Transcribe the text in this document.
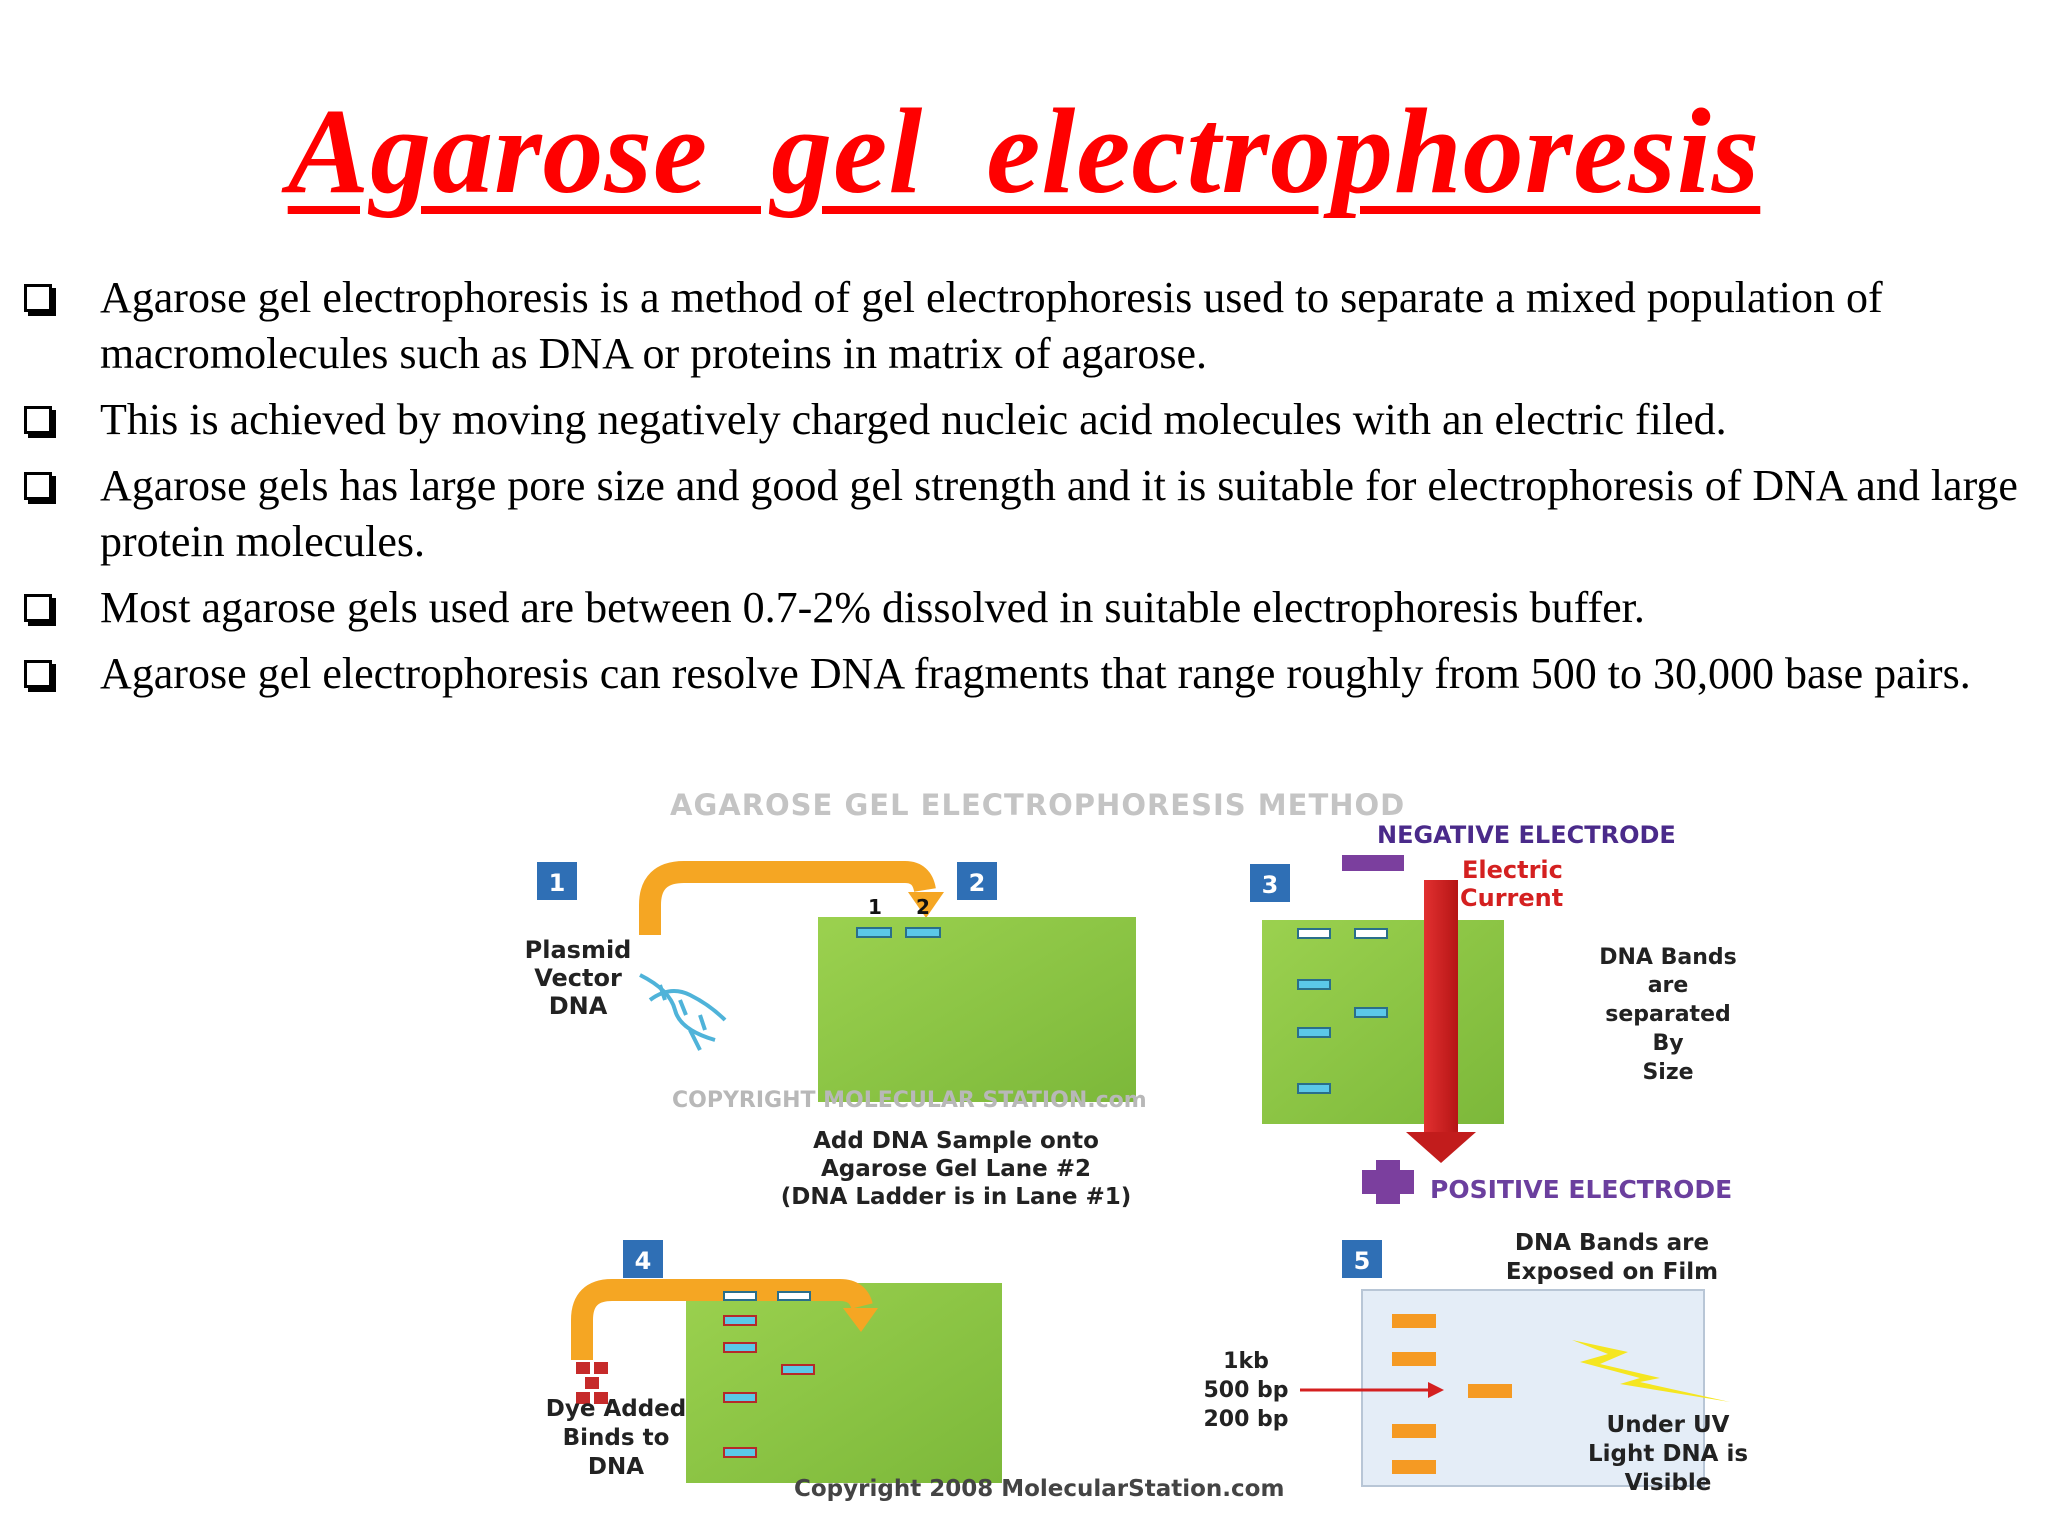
Agarose  gel  electrophoresis
Agarose gel electrophoresis is a method of gel electrophoresis used to separate a mixed population of macromolecules such as DNA or proteins in matrix of agarose.
This is achieved by moving negatively charged nucleic acid molecules with an electric filed.
Agarose gels has large pore size and good gel strength and it is suitable for electrophoresis of DNA and large protein molecules.
Most agarose gels used are between 0.7-2% dissolved in suitable electrophoresis buffer.
Agarose gel electrophoresis can resolve DNA fragments that range roughly from 500 to 30,000 base pairs.
AGAROSE GEL ELECTROPHORESIS METHOD
1
Plasmid
Vector
DNA
2
1 2
COPYRIGHT MOLECULAR STATION.com
Add DNA Sample onto
Agarose Gel Lane #2
(DNA Ladder is in Lane #1)
3
NEGATIVE ELECTRODE
Electric
Current
DNA Bands
are
separated
By
Size
POSITIVE ELECTRODE
4
Dye Added
Binds to
DNA
Copyright 2008 MolecularStation.com
5
DNA Bands are
Exposed on Film
1kb
500 bp
200 bp	Under UV
Light DNA is
Visible
